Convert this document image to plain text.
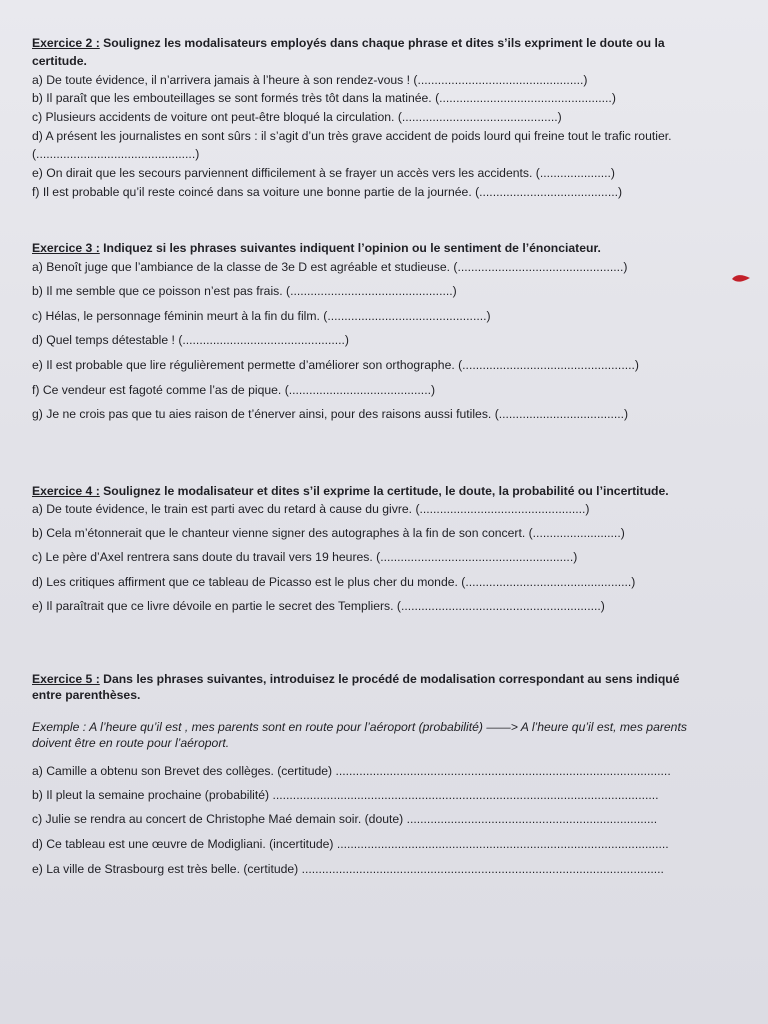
Exercice 2 : Soulignez les modalisateurs employés dans chaque phrase et dites s’ils expriment le doute ou la
certitude.
a) De toute évidence, il n’arrivera jamais à l’heure à son rendez-vous ! (.................................................)
b) Il paraît que les embouteillages se sont formés très tôt dans la matinée. (...................................................)
c) Plusieurs accidents de voiture ont peut-être bloqué la circulation. (..............................................)
d) A présent les journalistes en sont sûrs : il s’agit d’un très grave accident de poids lourd qui freine tout le trafic routier.
(...............................................)
e) On dirait que les secours parviennent difficilement à se frayer un accès vers les accidents. (.....................)
f) Il est probable qu’il reste coincé dans sa voiture une bonne partie de la journée. (.........................................)
Exercice 3 : Indiquez si les phrases suivantes indiquent l’opinion ou le sentiment de l’énonciateur.
a) Benoît juge que l’ambiance de la classe de 3e D est agréable et studieuse. (.................................................)
b) Il me semble que ce poisson n’est pas frais. (................................................)
c) Hélas, le personnage féminin meurt à la fin du film. (...............................................)
d) Quel temps détestable ! (................................................)
e) Il est probable que lire régulièrement permette d’améliorer son orthographe. (...................................................)
f) Ce vendeur est fagoté comme l’as de pique. (..........................................)
g) Je ne crois pas que tu aies raison de t’énerver ainsi, pour des raisons aussi futiles. (.....................................)
Exercice 4 : Soulignez le modalisateur et dites s’il exprime la certitude, le doute, la probabilité ou l’incertitude.
a) De toute évidence, le train est parti avec du retard à cause du givre. (.................................................)
b) Cela m’étonnerait que le chanteur vienne signer des autographes à la fin de son concert. (..........................)
c) Le père d’Axel rentrera sans doute du travail vers 19 heures. (.........................................................)
d) Les critiques affirment que ce tableau de Picasso est le plus cher du monde. (.................................................)
e) Il paraîtrait que ce livre dévoile en partie le secret des Templiers. (...........................................................)
Exercice 5 : Dans les phrases suivantes, introduisez le procédé de modalisation correspondant au sens indiqué
entre parenthèses.
Exemple : A l’heure qu’il est , mes parents sont en route pour l’aéroport (probabilité) ——> A l’heure qu’il est, mes parents
doivent être en route pour l’aéroport.
a) Camille a obtenu son Brevet des collèges. (certitude) ...................................................................................................
b) Il pleut la semaine prochaine (probabilité) ..................................................................................................................
c) Julie se rendra au concert de Christophe Maé demain soir. (doute) ..........................................................................
d) Ce tableau est une œuvre de Modigliani. (incertitude) ..................................................................................................
e) La ville de Strasbourg est très belle. (certitude) ...........................................................................................................
